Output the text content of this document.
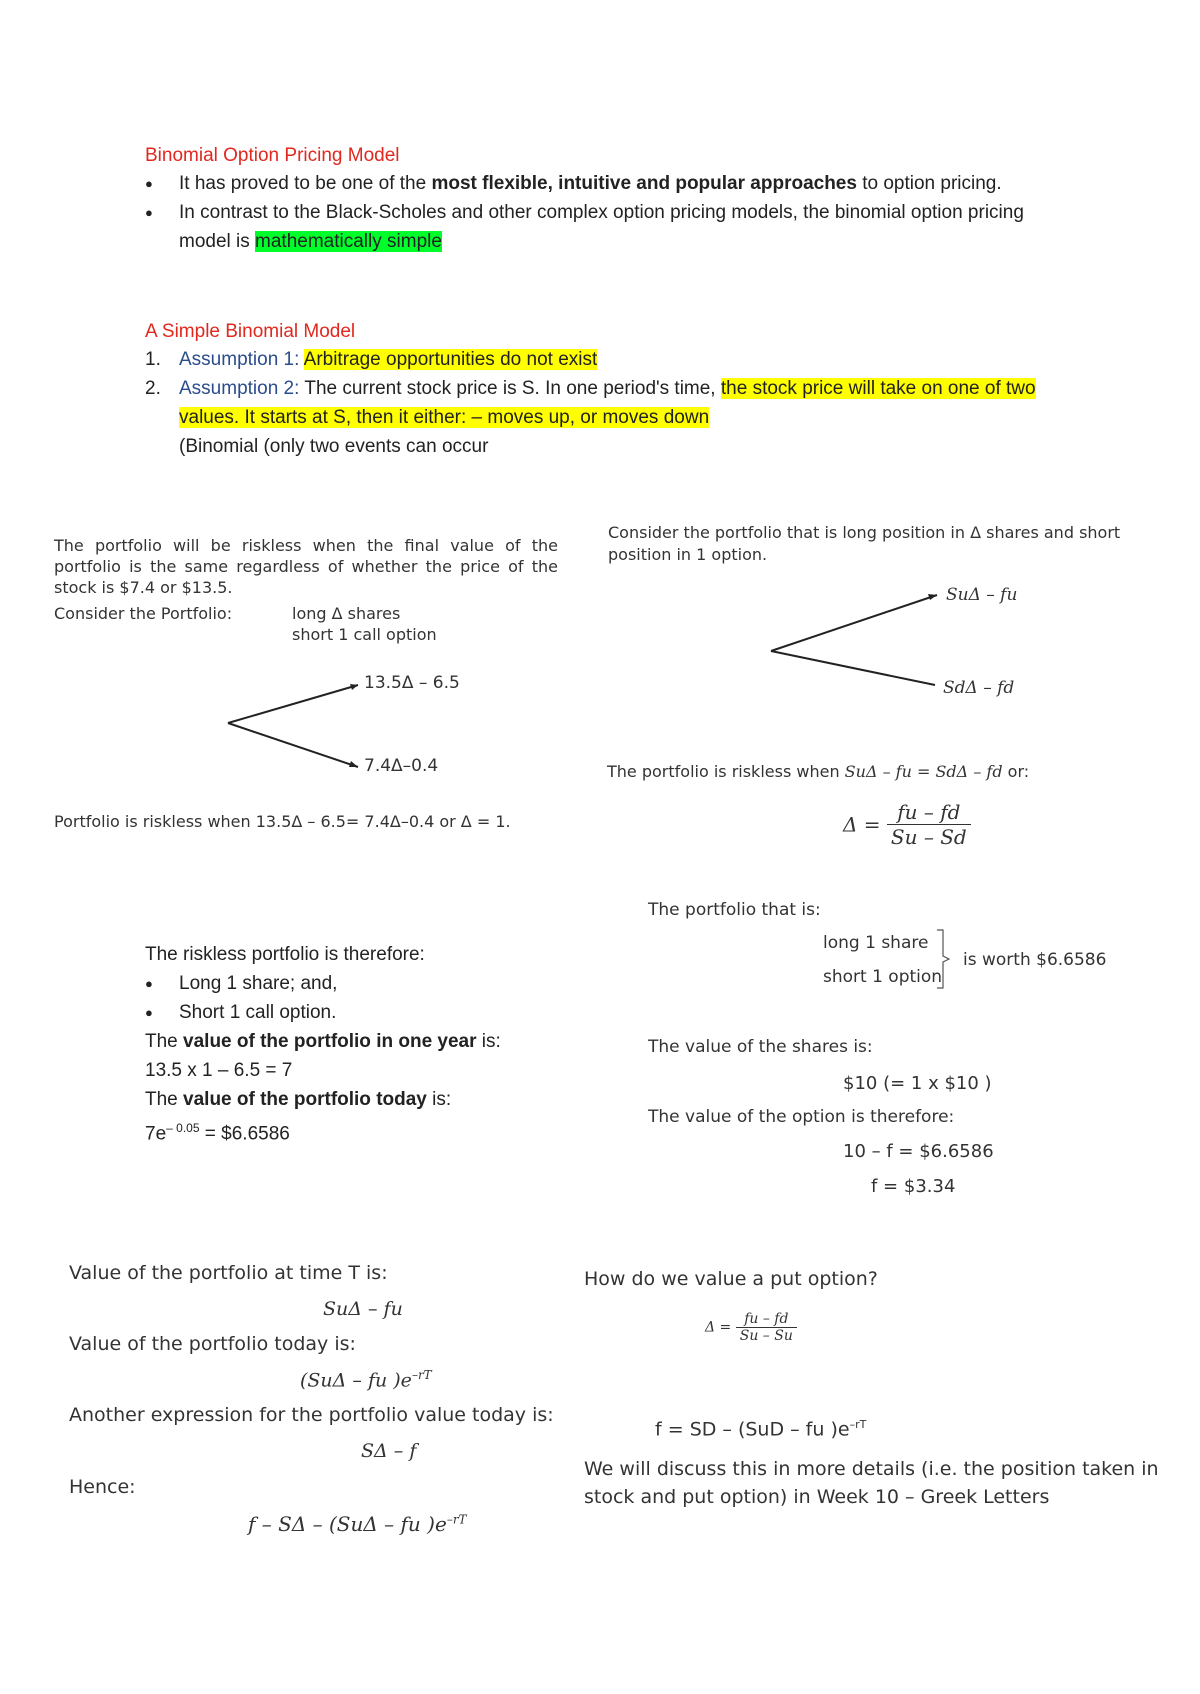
Binomial Option Pricing Model
● It has proved to be one of the most flexible, intuitive and popular approaches to option pricing.
● In contrast to the Black-Scholes and other complex option pricing models, the binomial option pricing model is mathematically simple
A Simple Binomial Model
1. Assumption 1: Arbitrage opportunities do not exist
2. Assumption 2: The current stock price is S. In one period's time, the stock price will take on one of two values. It starts at S, then it either: – moves up, or moves down
(Binomial (only two events can occur
The portfolio will be riskless when the final value of the portfolio is the same regardless of whether the price of the stock is $7.4 or $13.5.
Consider the Portfolio:	long Δ shares
short 1 call option
13.5Δ – 6.5
7.4Δ–0.4
Portfolio is riskless when 13.5Δ – 6.5= 7.4Δ–0.4 or Δ = 1.
Consider the portfolio that is long position in Δ shares and short position in 1 option.
SuΔ – fu
SdΔ – fd
The portfolio is riskless when SuΔ – fu = SdΔ – fd or:
$\Delta = \frac{fu - fd}{Su - Sd}$
The riskless portfolio is therefore:
● Long 1 share; and,
● Short 1 call option.
The value of the portfolio in one year is:
13.5 x 1 – 6.5 = 7
The value of the portfolio today is:
$7e^{- 0.05}$ = $6.6586
The portfolio that is:
long 1 share
short 1 option
is worth $6.6586
The value of the shares is:
$10 (= 1 x $10 )
The value of the option is therefore:
10 – f = $6.6586
f = $3.34
Value of the portfolio at time T is:
SuΔ – fu
Value of the portfolio today is:
(SuΔ – fu )$e^{-rT}$
Another expression for the portfolio value today is:
SΔ – f
Hence:
f – SΔ – (SuΔ – fu )$e^{-rT}$
How do we value a put option?
$\Delta = \frac{fu - fd}{Su - Su}$
f = SD – (SuD – fu )$e^{-rT}$
We will discuss this in more details (i.e. the position taken in stock and put option) in Week 10 – Greek Letters
